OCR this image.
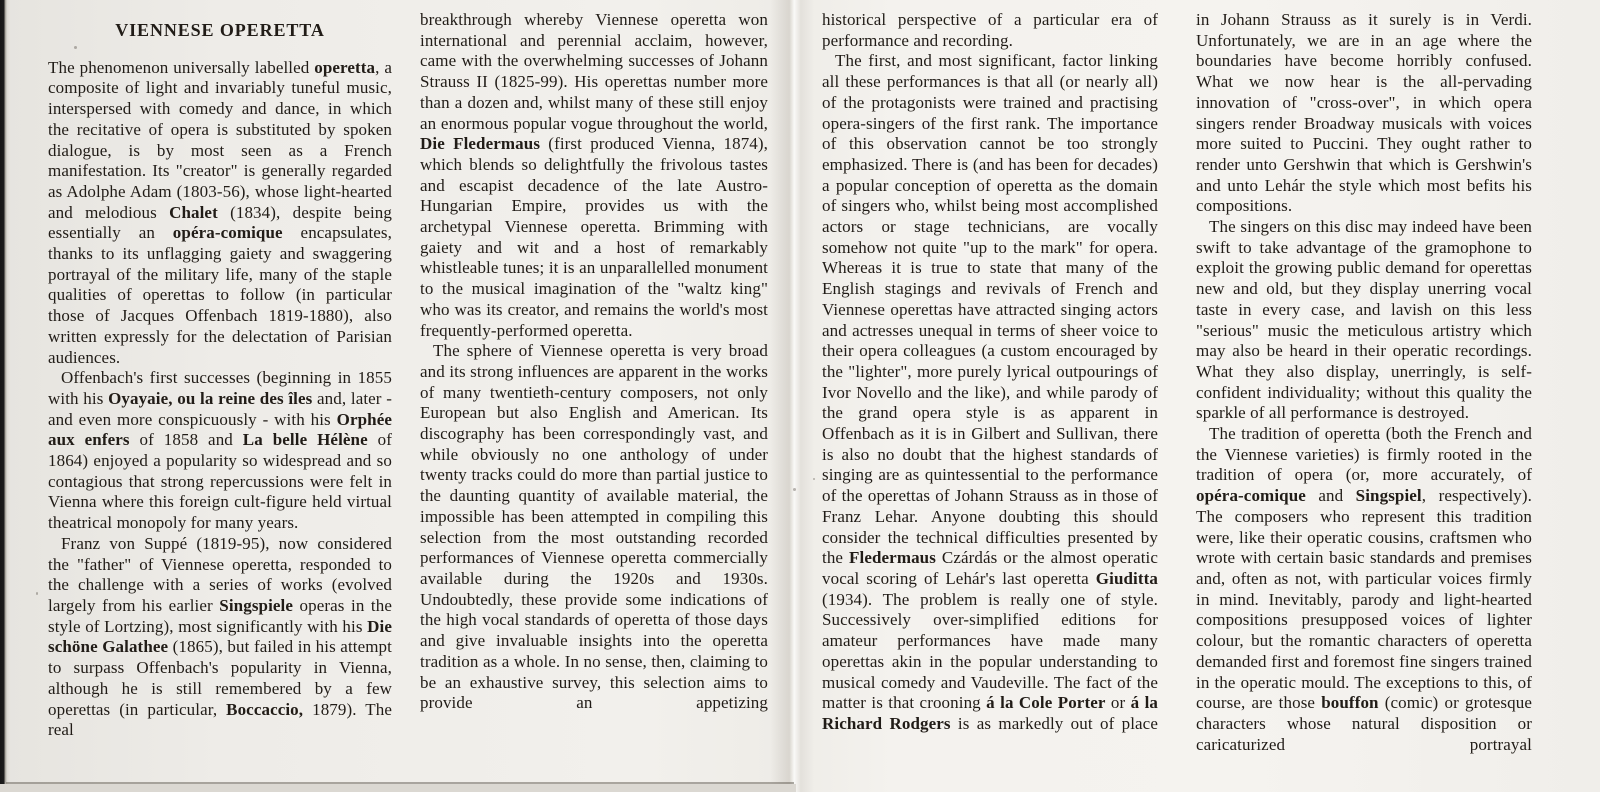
VIENNESE OPERETTA

The phenomenon universally labelled operetta, a composite of light and invariably tuneful music, interspersed with comedy and dance, in which the recitative of opera is substituted by spoken dialogue, is by most seen as a French manifestation. Its "creator" is generally regarded as Adolphe Adam (1803-56), whose light-hearted and melodious Chalet (1834), despite being essentially an opéra-comique encapsulates, thanks to its unflagging gaiety and swaggering portrayal of the military life, many of the staple qualities of operettas to follow (in particular those of Jacques Offenbach 1819-1880), also written expressly for the delectation of Parisian audiences.

Offenbach's first successes (beginning in 1855 with his Oyayaie, ou la reine des îles and, later - and even more conspicuously - with his Orphée aux enfers of 1858 and La belle Hélène of 1864) enjoyed a popularity so widespread and so contagious that strong repercussions were felt in Vienna where this foreign cult-figure held virtual theatrical monopoly for many years.

Franz von Suppé (1819-95), now considered the "father" of Viennese operetta, responded to the challenge with a series of works (evolved largely from his earlier Singspiele operas in the style of Lortzing), most significantly with his Die schöne Galathee (1865), but failed in his attempt to surpass Offenbach's popularity in Vienna, although he is still remembered by a few operettas (in particular, Boccaccio, 1879). The real

breakthrough whereby Viennese operetta won international and perennial acclaim, however, came with the overwhelming successes of Johann Strauss II (1825-99). His operettas number more than a dozen and, whilst many of these still enjoy an enormous popular vogue throughout the world, Die Fledermaus (first produced Vienna, 1874), which blends so delightfully the frivolous tastes and escapist decadence of the late Austro-Hungarian Empire, provides us with the archetypal Viennese operetta. Brimming with gaiety and wit and a host of remarkably whistleable tunes; it is an unparallelled monument to the musical imagination of the "waltz king" who was its creator, and remains the world's most frequently-performed operetta.

The sphere of Viennese operetta is very broad and its strong influences are apparent in the works of many twentieth-century composers, not only European but also English and American. Its discography has been correspondingly vast, and while obviously no one anthology of under twenty tracks could do more than partial justice to the daunting quantity of available material, the impossible has been attempted in compiling this selection from the most outstanding recorded performances of Viennese operetta commercially available during the 1920s and 1930s. Undoubtedly, these provide some indications of the high vocal standards of operetta of those days and give invaluable insights into the operetta tradition as a whole. In no sense, then, claiming to be an exhaustive survey, this selection aims to provide an appetizing

historical perspective of a particular era of performance and recording.

The first, and most significant, factor linking all these performances is that all (or nearly all) of the protagonists were trained and practising opera-singers of the first rank. The importance of this observation cannot be too strongly emphasized. There is (and has been for decades) a popular conception of operetta as the domain of singers who, whilst being most accomplished actors or stage technicians, are vocally somehow not quite "up to the mark" for opera. Whereas it is true to state that many of the English stagings and revivals of French and Viennese operettas have attracted singing actors and actresses unequal in terms of sheer voice to their opera colleagues (a custom encouraged by the "lighter", more purely lyrical outpourings of Ivor Novello and the like), and while parody of the grand opera style is as apparent in Offenbach as it is in Gilbert and Sullivan, there is also no doubt that the highest standards of singing are as quintessential to the performance of the operettas of Johann Strauss as in those of Franz Lehar. Anyone doubting this should consider the technical difficulties presented by the Fledermaus Czárdás or the almost operatic vocal scoring of Lehár's last operetta Giuditta (1934). The problem is really one of style. Successively over-simplified editions for amateur performances have made many operettas akin in the popular understanding to musical comedy and Vaudeville. The fact of the matter is that crooning á la Cole Porter or á la Richard Rodgers is as markedly out of place

in Johann Strauss as it surely is in Verdi. Unfortunately, we are in an age where the boundaries have become horribly confused. What we now hear is the all-pervading innovation of "cross-over", in which opera singers render Broadway musicals with voices more suited to Puccini. They ought rather to render unto Gershwin that which is Gershwin's and unto Lehár the style which most befits his compositions.

The singers on this disc may indeed have been swift to take advantage of the gramophone to exploit the growing public demand for operettas new and old, but they display unerring vocal taste in every case, and lavish on this less "serious" music the meticulous artistry which may also be heard in their operatic recordings. What they also display, unerringly, is self-confident individuality; without this quality the sparkle of all performance is destroyed.

The tradition of operetta (both the French and the Viennese varieties) is firmly rooted in the tradition of opera (or, more accurately, of opéra-comique and Singspiel, respectively). The composers who represent this tradition were, like their operatic cousins, craftsmen who wrote with certain basic standards and premises and, often as not, with particular voices firmly in mind. Inevitably, parody and light-hearted compositions presupposed voices of lighter colour, but the romantic characters of operetta demanded first and foremost fine singers trained in the operatic mould. The exceptions to this, of course, are those bouffon (comic) or grotesque characters whose natural disposition or caricaturized portrayal
